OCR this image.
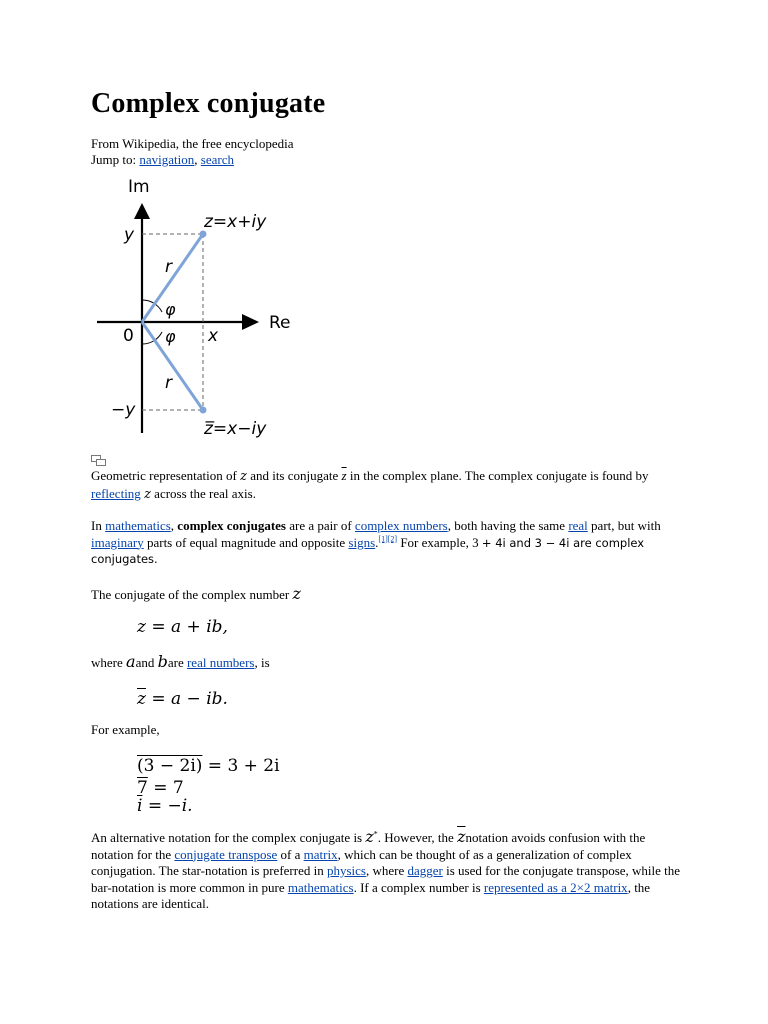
Complex conjugate
From Wikipedia, the free encyclopedia
Jump to: navigation, search
Im
Re
0
y
−y
x
r
r
φ
φ
z=x+iy
z̅=x−iy
Geometric representation of z and its conjugate $\overline{z}$ in the complex plane. The complex conjugate is found by reflecting z across the real axis.
In mathematics, complex conjugates are a pair of complex numbers, both having the same real part, but with imaginary parts of equal magnitude and opposite signs.[1][2] For example, 3 + 4i and 3 − 4i are complex conjugates.
The conjugate of the complex number z
z = a + ib,
where aand bare real numbers, is
$\overline{z} = a$ − ib.
For example,
(3 − 2i) = 3 + 2i
7 = 7
$\overline{i} = -i$.
An alternative notation for the complex conjugate is z*. However, the $\overline{z}notation$ avoids confusion with the notation for the conjugate transpose of a matrix, which can be thought of as a generalization of complex conjugation. The star-notation is preferred in physics, where dagger is used for the conjugate transpose, while the bar-notation is more common in pure mathematics. If a complex number is represented as a 2×2 matrix, the notations are identical.
